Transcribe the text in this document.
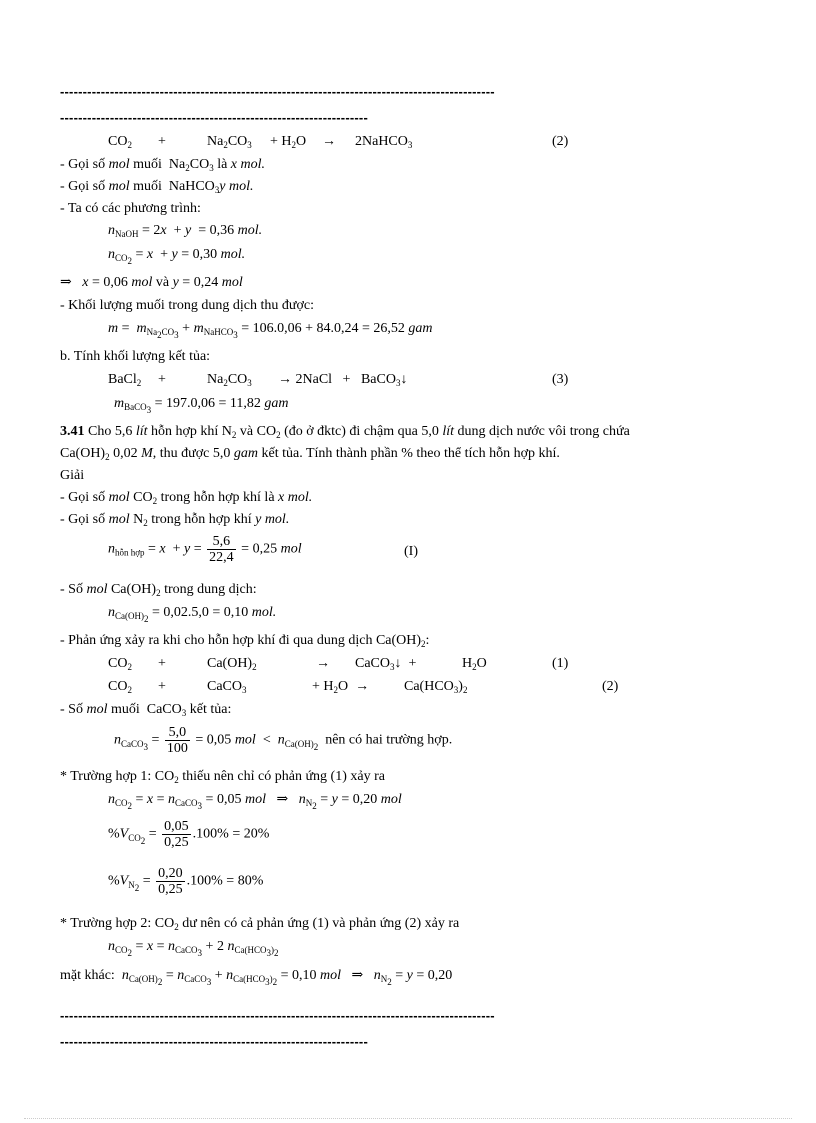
------------------------------------------------------------------------------------------------
--------------------------------------------------------------------
$CO_2$ +	$Na_2CO_3 + H_2O$ → 2NaHCO$_3$	(2)
- Gọi số mol muối  $Na_2CO_3$ là x mol.
- Gọi số mol muối  NaHCO$_3$y mol.
- Ta có các phương trình:
$n_{NaOH} = 2x + y = 0,36$ mol.
$n_{CO_2} = x + y = 0,30$ mol.
⇒   x = 0,06 mol và y = 0,24 mol
- Khối lượng muối trong dung dịch thu được:
$m = m_{Na_2CO_3} + m_{NaHCO_3} = 106.0,06 + 84.0,24 = 26,52$ gam
b. Tính khối lượng kết tủa:
BaCl$_2$ +	$Na_2CO_3$ → 2NaCl   +   BaCO$_3$↓	(3)
$m_{BaCO_3} = 197.0,06 = 11,82$ gam
3.41 Cho 5,6 lít hỗn hợp khí $N_2$ và $CO_2$ (đo ở đktc) đi chậm qua 5,0 lít dung dịch nước vôi trong chứa
$Ca(OH)_2$ 0,02 M, thu được 5,0 gam kết tủa. Tính thành phần % theo thể tích hỗn hợp khí.
Giải
- Gọi số mol $CO_2$ trong hỗn hợp khí là x mol.
- Gọi số mol $N_2$ trong hỗn hợp khí y mol.
$n_{hỗn hợp} = x + y = \frac{5,6}{22,4} = 0,25$ mol	(I)
- Số mol $Ca(OH)_2$ trong dung dịch:
$n_{Ca(OH)_2} = 0,02.5,0 = 0,10$ mol.
- Phản ứng xảy ra khi cho hỗn hợp khí đi qua dung dịch $Ca(OH)_2$:
$CO_2$ +	$Ca(OH)_2$	→ CaCO$_3$↓  +	$H_2O$	(1)
$CO_2$ +	CaCO$_3$	+ $H_2O \to Ca(HCO_3)_2$	(2)
- Số mol muối  CaCO$_3$ kết tủa:
$n_{CaCO_3} = \frac{5,0}{100} = 0,05$ mol  <  $n_{Ca(OH)_2}$ nên có hai trường hợp.
* Trường hợp 1: $CO_2$ thiếu nên chỉ có phản ứng (1) xảy ra
$n_{CO_2} = x = n_{CaCO_3} = 0,05$ mol   ⇒   $n_{N_2} = y = 0,20$ mol
$\%V_{CO_2} = \frac{0,05}{0,25} .100\% = 20\%$
$\%V_{N_2} = \frac{0,20}{0,25} .100\% = 80\%$
* Trường hợp 2: $CO_2$ dư nên có cả phản ứng (1) và phản ứng (2) xảy ra
$n_{CO_2} = x = n_{CaCO_3} + 2$ $n_{Ca(HCO_3)_2}$
mặt khác: $n_{Ca(OH)_2} = n_{CaCO_3} + n_{Ca(HCO_3)_2} = 0,10$ mol   ⇒   $n_{N_2} = y = 0,20$
------------------------------------------------------------------------------------------------
--------------------------------------------------------------------
